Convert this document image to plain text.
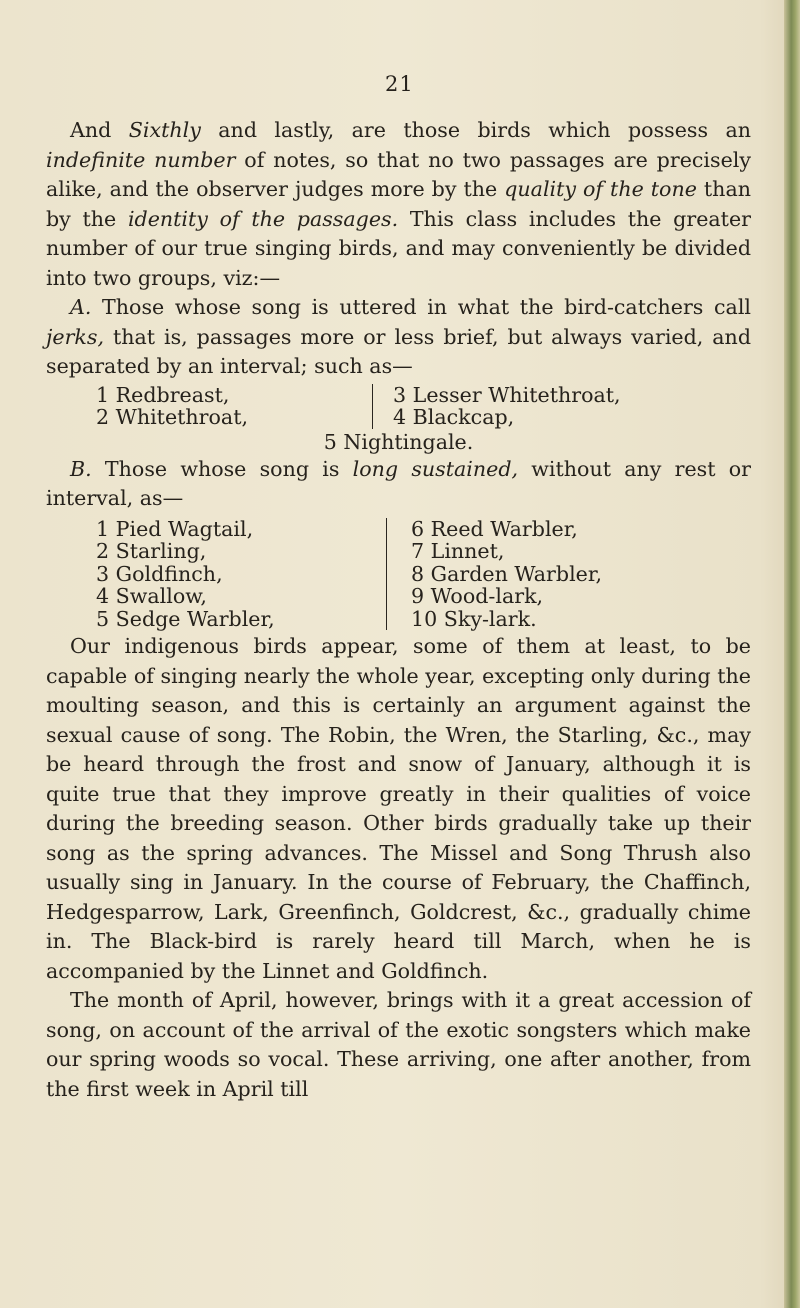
21

And Sixthly and lastly, are those birds which possess an indefinite number of notes, so that no two passages are precisely alike, and the observer judges more by the quality of the tone than by the identity of the passages. This class includes the greater number of our true singing birds, and may conveniently be divided into two groups, viz:—

A. Those whose song is uttered in what the bird-catchers call jerks, that is, passages more or less brief, but always varied, and separated by an interval; such as—

1 Redbreast,
2 Whitethroat,
3 Lesser Whitethroat,
4 Blackcap,
5 Nightingale.

B. Those whose song is long sustained, without any rest or interval, as—

1 Pied Wagtail,
2 Starling,
3 Goldfinch,
4 Swallow,
5 Sedge Warbler,
6 Reed Warbler,
7 Linnet,
8 Garden Warbler,
9 Wood-lark,
10 Sky-lark.

Our indigenous birds appear, some of them at least, to be capable of singing nearly the whole year, excepting only during the moulting season, and this is certainly an argument against the sexual cause of song. The Robin, the Wren, the Starling, &c., may be heard through the frost and snow of January, although it is quite true that they improve greatly in their qualities of voice during the breeding season. Other birds gradually take up their song as the spring advances. The Missel and Song Thrush also usually sing in January. In the course of February, the Chaffinch, Hedgesparrow, Lark, Greenfinch, Goldcrest, &c., gradually chime in. The Black-bird is rarely heard till March, when he is accompanied by the Linnet and Goldfinch.

The month of April, however, brings with it a great accession of song, on account of the arrival of the exotic songsters which make our spring woods so vocal. These arriving, one after another, from the first week in April till
